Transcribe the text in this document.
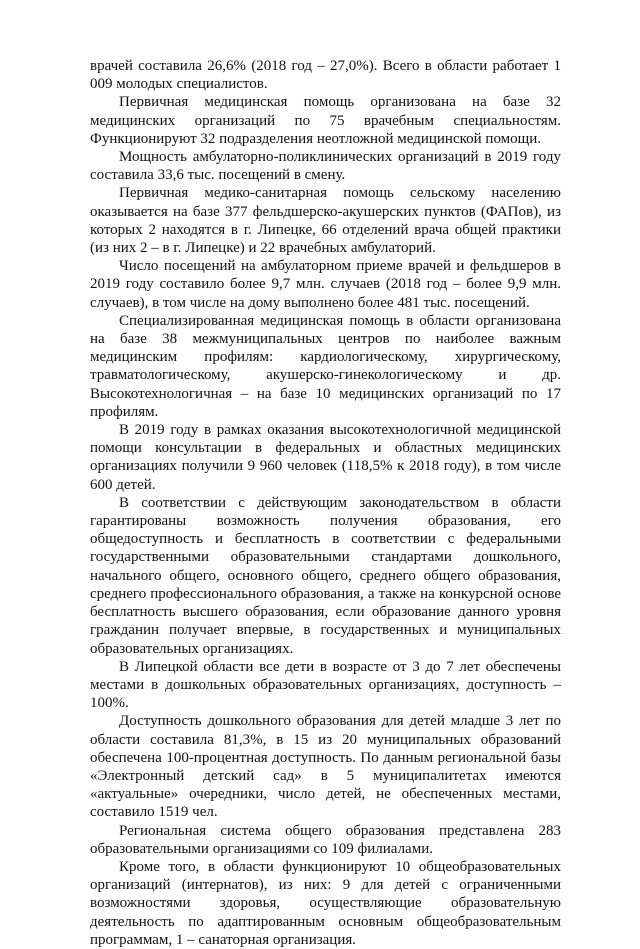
врачей составила 26,6% (2018 год – 27,0%). Всего в области работает 1 009 молодых специалистов.

Первичная медицинская помощь организована на базе 32 медицинских организаций по 75 врачебным специальностям. Функционируют 32 подразделения неотложной медицинской помощи.

Мощность амбулаторно-поликлинических организаций в 2019 году составила 33,6 тыс. посещений в смену.

Первичная медико-санитарная помощь сельскому населению оказывается на базе 377 фельдшерско-акушерских пунктов (ФАПов), из которых 2 находятся в г. Липецке, 66 отделений врача общей практики (из них 2 – в г. Липецке) и 22 врачебных амбулаторий.

Число посещений на амбулаторном приеме врачей и фельдшеров в 2019 году составило более 9,7 млн. случаев (2018 год – более 9,9 млн. случаев), в том числе на дому выполнено более 481 тыс. посещений.

Специализированная медицинская помощь в области организована на базе 38 межмуниципальных центров по наиболее важным медицинским профилям: кардиологическому, хирургическому, травматологическому, акушерско-гинекологическому и др. Высокотехнологичная – на базе 10 медицинских организаций по 17 профилям.

В 2019 году в рамках оказания высокотехнологичной медицинской помощи консультации в федеральных и областных медицинских организациях получили 9 960 человек (118,5% к 2018 году), в том числе 600 детей.

В соответствии с действующим законодательством в области гарантированы возможность получения образования, его общедоступность и бесплатность в соответствии с федеральными государственными образовательными стандартами дошкольного, начального общего, основного общего, среднего общего образования, среднего профессионального образования, а также на конкурсной основе бесплатность высшего образования, если образование данного уровня гражданин получает впервые, в государственных и муниципальных образовательных организациях.

В Липецкой области все дети в возрасте от 3 до 7 лет обеспечены местами в дошкольных образовательных организациях, доступность – 100%.

Доступность дошкольного образования для детей младше 3 лет по области составила 81,3%, в 15 из 20 муниципальных образований обеспечена 100-процентная доступность. По данным региональной базы «Электронный детский сад» в 5 муниципалитетах имеются «актуальные» очередники, число детей, не обеспеченных местами, составило 1519 чел.

Региональная система общего образования представлена 283 образовательными организациями со 109 филиалами.

Кроме того, в области функционируют 10 общеобразовательных организаций (интернатов), из них: 9 для детей с ограниченными возможностями здоровья, осуществляющие образовательную деятельность по адаптированным основным общеобразовательным программам, 1 – санаторная организация.
